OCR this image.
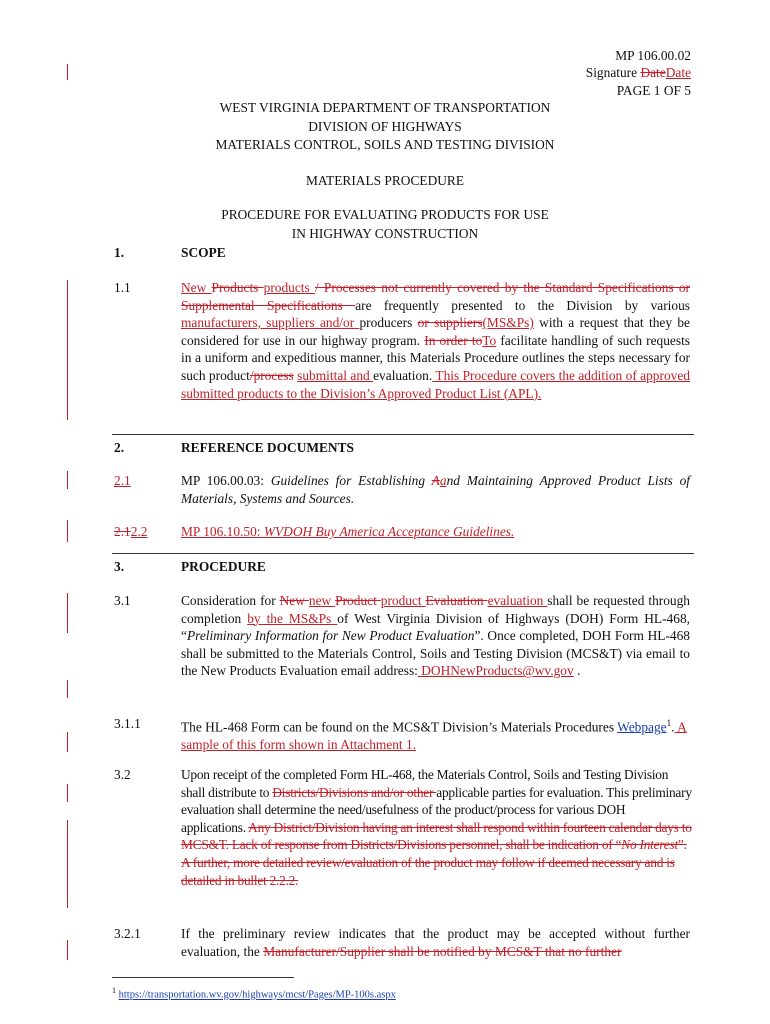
MP 106.00.02
Signature DateDate
PAGE 1 OF 5
WEST VIRGINIA DEPARTMENT OF TRANSPORTATION
DIVISION OF HIGHWAYS
MATERIALS CONTROL, SOILS AND TESTING DIVISION
MATERIALS PROCEDURE
PROCEDURE FOR EVALUATING PRODUCTS FOR USE
IN HIGHWAY CONSTRUCTION
1.	SCOPE
1.1	New Products products / Processes not currently covered by the Standard Specifications or Supplemental Specifications are frequently presented to the Division by various manufacturers, suppliers and/or producers or suppliers(MS&Ps) with a request that they be considered for use in our highway program. In order toTo facilitate handling of such requests in a uniform and expeditious manner, this Materials Procedure outlines the steps necessary for such product/process submittal and evaluation. This Procedure covers the addition of approved submitted products to the Division’s Approved Product List (APL).
2.	REFERENCE DOCUMENTS
2.1	MP 106.00.03: Guidelines for Establishing Aand Maintaining Approved Product Lists of Materials, Systems and Sources.
2.12.2	MP 106.10.50: WVDOH Buy America Acceptance Guidelines.
3.	PROCEDURE
3.1	Consideration for New new Product product Evaluation evaluation shall be requested through completion by the MS&Ps of West Virginia Division of Highways (DOH) Form HL-468, “Preliminary Information for New Product Evaluation”. Once completed, DOH Form HL-468 shall be submitted to the Materials Control, Soils and Testing Division (MCS&T) via email to the New Products Evaluation email address: DOHNewProducts@wv.gov .
3.1.1	The HL-468 Form can be found on the MCS&T Division’s Materials Procedures Webpage$^1$. A sample of this form shown in Attachment 1.
3.2	Upon receipt of the completed Form HL-468, the Materials Control, Soils and Testing Division shall distribute to Districts/Divisions and/or other applicable parties for evaluation. This preliminary evaluation shall determine the need/usefulness of the product/process for various DOH applications. Any District/Division having an interest shall respond within fourteen calendar days to MCS&T. Lack of response from Districts/Divisions personnel, shall be indication of “No Interest”. A further, more detailed review/evaluation of the product may follow if deemed necessary and is detailed in bullet 2.2.2.
3.2.1	If the preliminary review indicates that the product may be accepted without further evaluation, the Manufacturer/Supplier shall be notified by MCS&T that no further
$^1$ https://transportation.wv.gov/highways/mcst/Pages/MP-100s.aspx
